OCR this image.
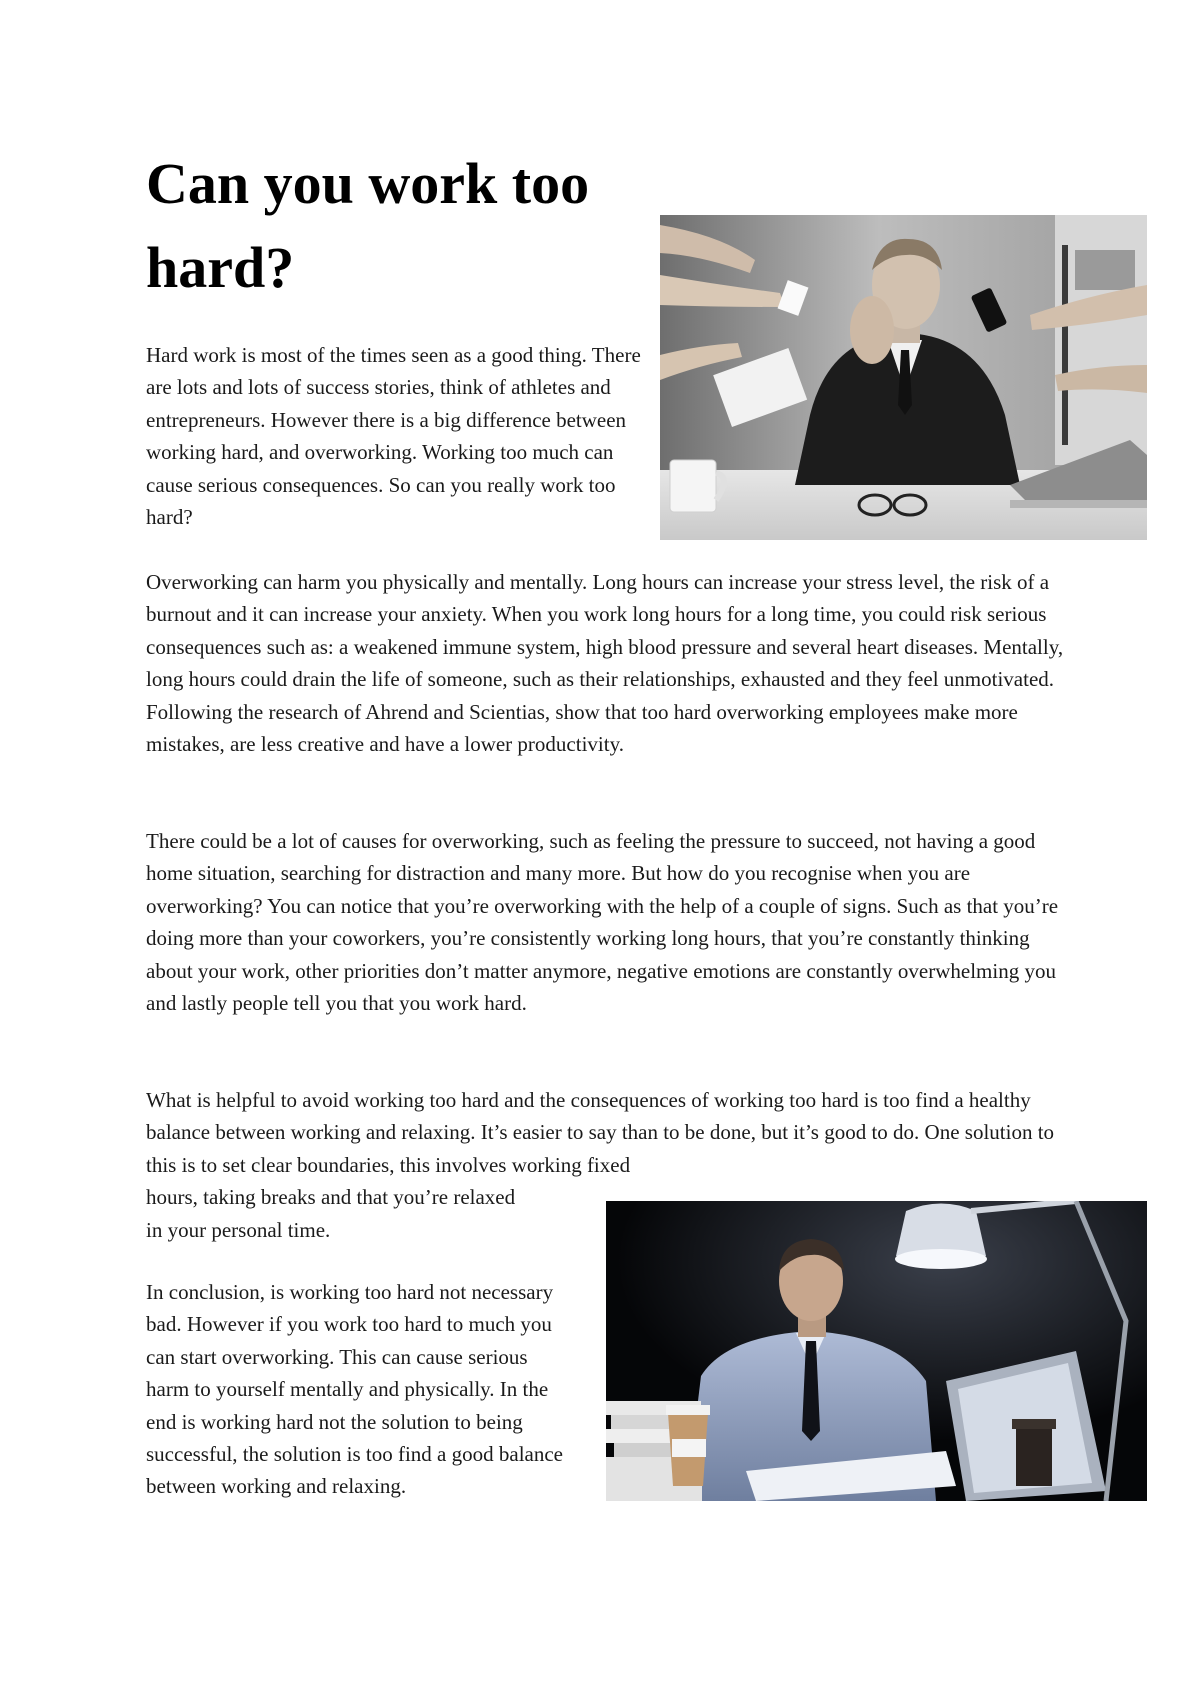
Can you work too hard?

Hard work is most of the times seen as a good thing. There are lots and lots of success stories, think of athletes and entrepreneurs. However there is a big difference between working hard, and overworking. Working too much can cause serious consequences. So can you really work too hard?

Overworking can harm you physically and mentally. Long hours can increase your stress level, the risk of a burnout and it can increase your anxiety. When you work long hours for a long time, you could risk serious consequences such as: a weakened immune system, high blood pressure and several heart diseases. Mentally, long hours could drain the life of someone, such as their relationships, exhausted and they feel unmotivated. Following the research of Ahrend and Scientias, show that too hard overworking employees make more mistakes, are less creative and have a lower productivity.

There could be a lot of causes for overworking, such as feeling the pressure to succeed, not having a good home situation, searching for distraction and many more. But how do you recognise when you are overworking? You can notice that you’re overworking with the help of a couple of signs. Such as that you’re doing more than your coworkers, you’re consistently working long hours, that you’re constantly thinking about your work, other priorities don’t matter anymore, negative emotions are constantly overwhelming you and lastly people tell you that you work hard.

What is helpful to avoid working too hard and the consequences of working too hard is too find a healthy balance between working and relaxing. It’s easier to say than to be done, but it’s good to do. One solution to this is to set clear boundaries, this involves working fixed
hours, taking breaks and that you’re relaxed
in your personal time.

In conclusion, is working too hard not necessary bad. However if you work too hard to much you can start overworking. This can cause serious harm to yourself mentally and physically. In the end is working hard not the solution to being successful, the solution is too find a good balance between working and relaxing.
